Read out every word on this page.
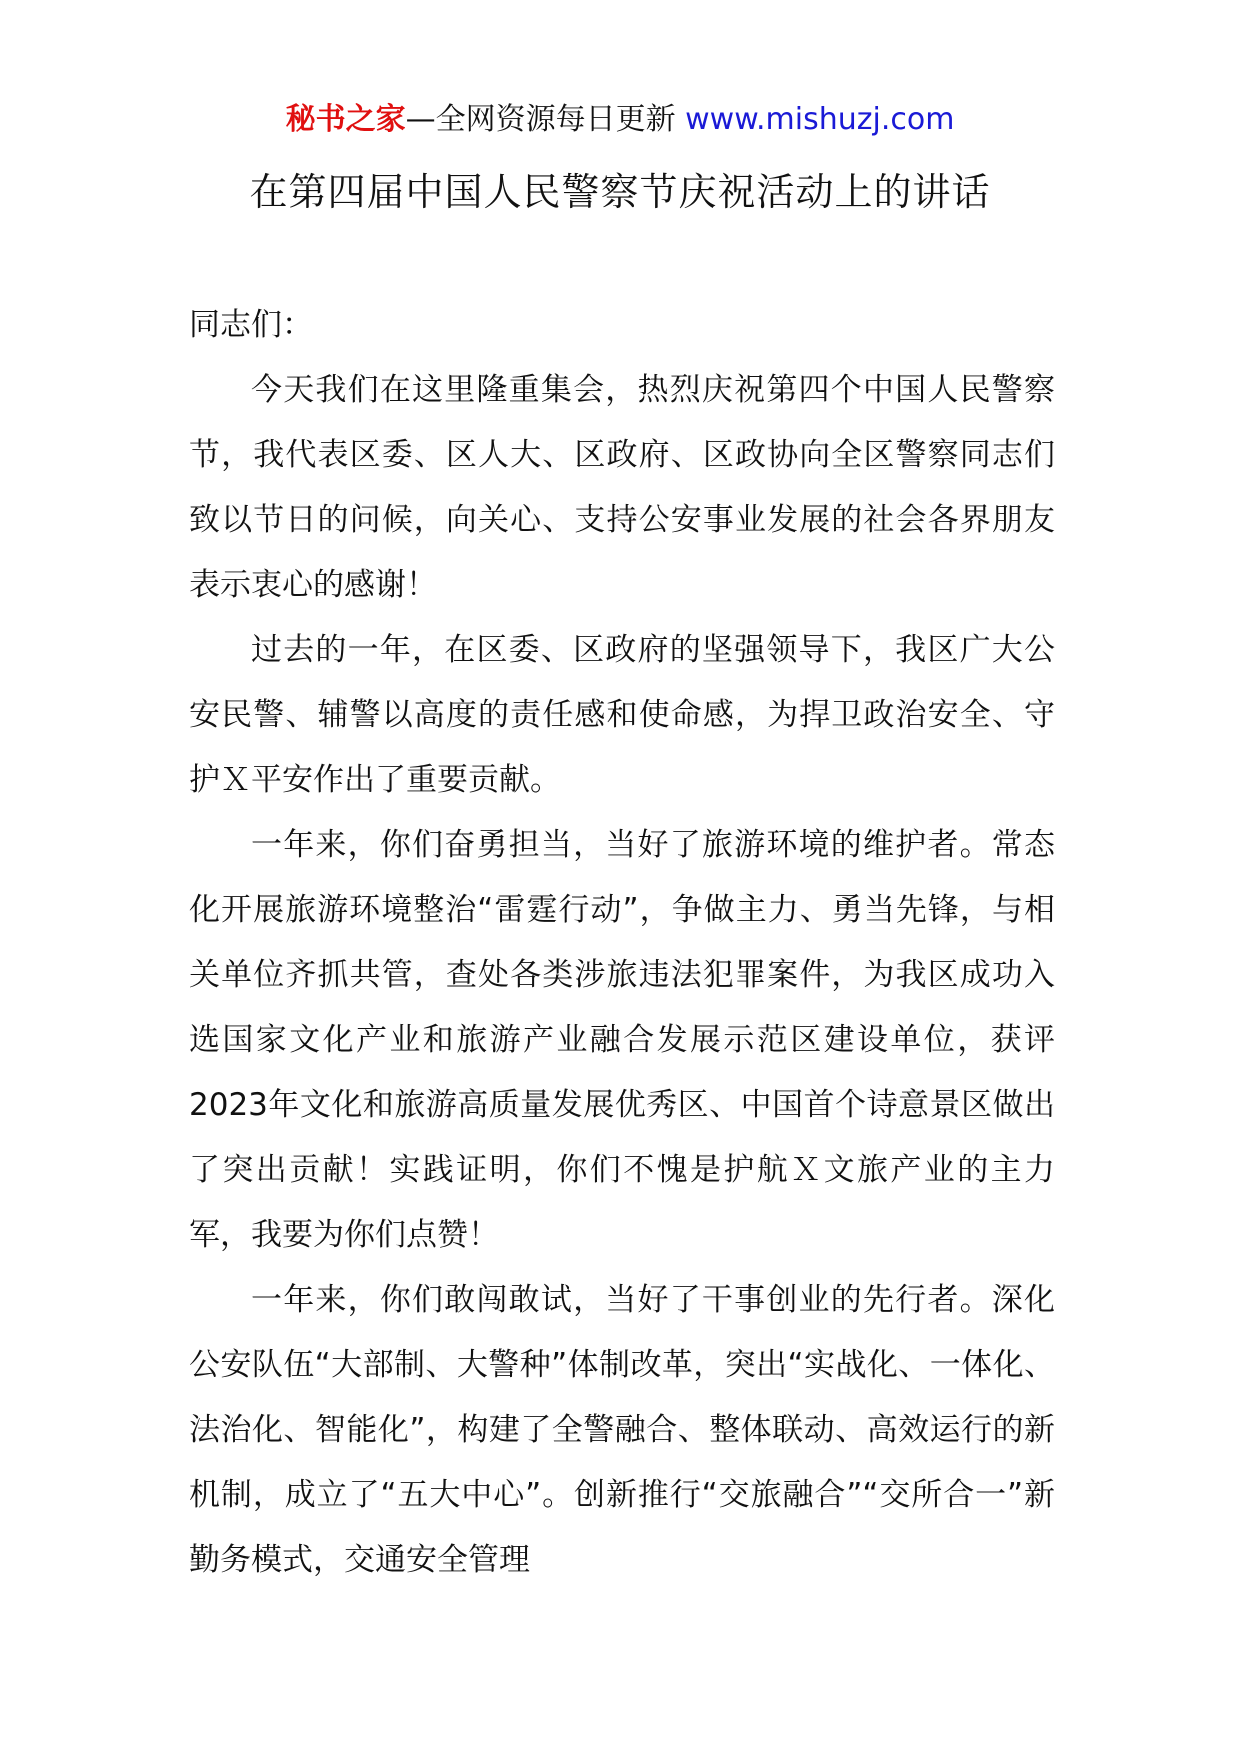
秘书之家—全网资源每日更新 www.mishuzj.com
在第四届中国人民警察节庆祝活动上的讲话

同志们：

今天我们在这里隆重集会，热烈庆祝第四个中国人民警察节，我代表区委、区人大、区政府、区政协向全区警察同志们致以节日的问候，向关心、支持公安事业发展的社会各界朋友表示衷心的感谢！

过去的一年，在区委、区政府的坚强领导下，我区广大公安民警、辅警以高度的责任感和使命感，为捍卫政治安全、守护Ｘ平安作出了重要贡献。

一年来，你们奋勇担当，当好了旅游环境的维护者。常态化开展旅游环境整治“雷霆行动”，争做主力、勇当先锋，与相关单位齐抓共管，查处各类涉旅违法犯罪案件，为我区成功入选国家文化产业和旅游产业融合发展示范区建设单位，获评2023年文化和旅游高质量发展优秀区、中国首个诗意景区做出了突出贡献！实践证明，你们不愧是护航Ｘ文旅产业的主力军，我要为你们点赞！

一年来，你们敢闯敢试，当好了干事创业的先行者。深化公安队伍“大部制、大警种”体制改革，突出“实战化、一体化、法治化、智能化”，构建了全警融合、整体联动、高效运行的新机制，成立了“五大中心”。创新推行“交旅融合”“交所合一”新勤务模式，交通安全管理
